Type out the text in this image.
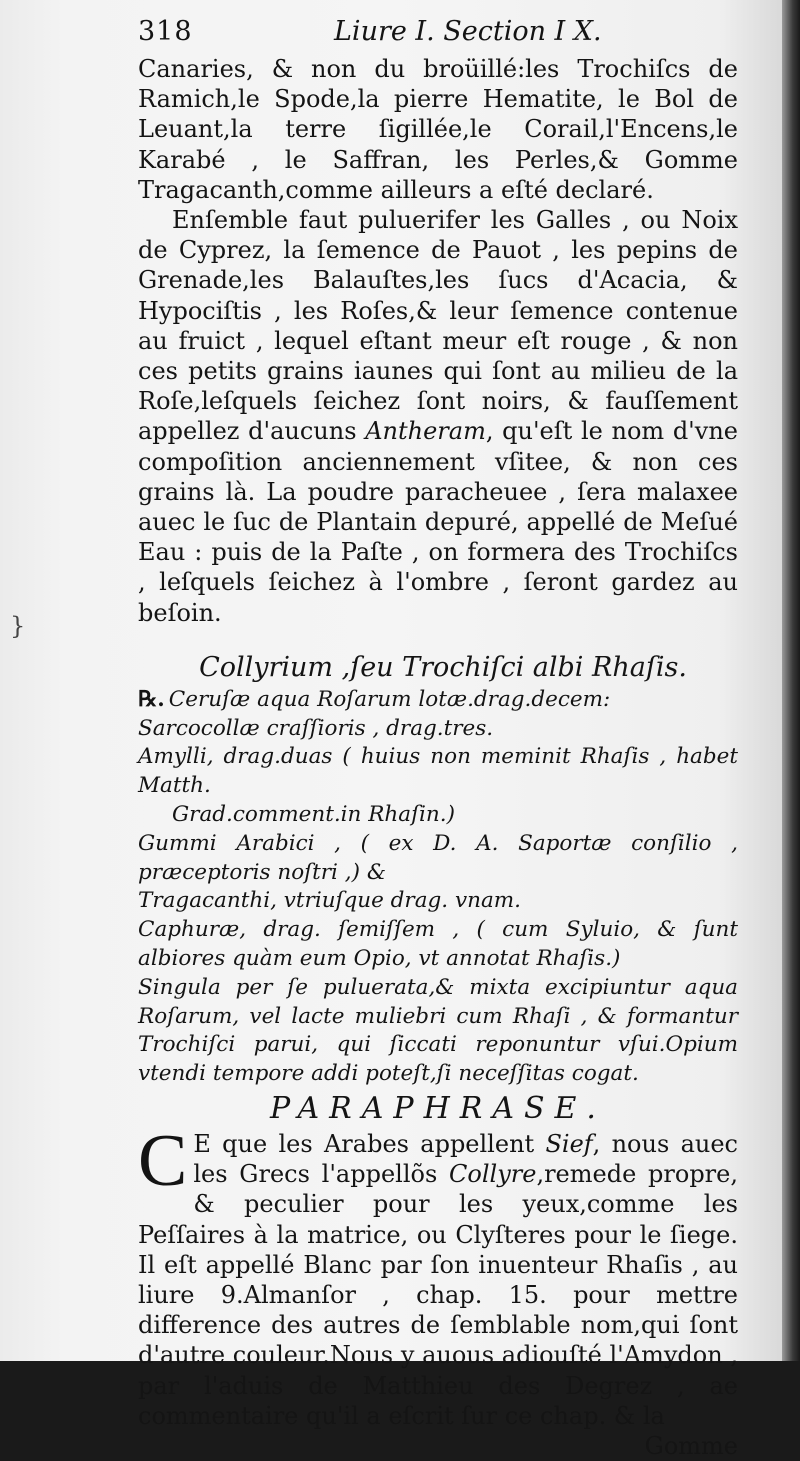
318	Liure I. Section I X.
}

Canaries, & non du broüillé:les Trochiſcs de Ramich,le Spode,la pierre Hematite, le Bol de Leuant,la terre ſigillée,le Corail,l'Encens,le Karabé , le Saffran, les Perles,& Gomme Tragacanth,comme ailleurs a eſté declaré.

Enſemble faut puluerifer les Galles , ou Noix de Cyprez, la ſemence de Pauot , les pepins de Grenade,les Balauſtes,les ſucs d'Acacia, & Hypociſtis , les Roſes,& leur ſemence contenue au fruict , lequel eſtant meur eſt rouge , & non ces petits grains iaunes qui ſont au milieu de la Roſe,leſquels ſeichez ſont noirs, & fauſſement appellez d'aucuns Antheram, qu'eſt le nom d'vne compoſition anciennement vſitee, & non ces grains là. La poudre paracheuee , ſera malaxee auec le ſuc de Plantain depuré, appellé de Meſué Eau : puis de la Paſte , on formera des Trochiſcs , leſquels ſeichez à l'ombre , ſeront gardez au beſoin.

Collyrium ,ſeu Trochiſci albi Rhaſis.

℞. Ceruſæ aqua Roſarum lotæ.drag.decem:

Sarcocollæ craſſioris , drag.tres.

Amylli, drag.duas ( huius non meminit Rhaſis , habet Matth.

Grad.comment.in Rhaſin.)

Gummi Arabici , ( ex D. A. Saportæ conſilio , præceptoris noſtri ,) &

Tragacanthi, vtriuſque drag. vnam.

Caphuræ, drag. ſemiſſem , ( cum Syluio, & ſunt albiores quàm eum Opio, vt annotat Rhaſis.)

Singula per ſe puluerata,& mixta excipiuntur aqua Roſarum, vel lacte muliebri cum Rhaſi , & formantur Trochiſci parui, qui ſiccati reponuntur vſui.Opium vtendi tempore addi poteſt,ſi neceſſitas cogat.

PARAPHRASE.

C E que les Arabes appellent Sief, nous auec les Grecs l'appellõs Collyre,remede propre, & peculier pour les yeux,comme les Peſſaires à la matrice, ou Clyſteres pour le ſiege. Il eſt appellé Blanc par ſon inuenteur Rhaſis , au liure 9.Almanſor , chap. 15. pour mettre difference des autres de ſemblable nom,qui ſont d'autre couleur.Nous y auous adiouſté l'Amydon , par l'aduis de Matthieu des Degrez , ae commentaire qu'il a eſcrit ſur ce chap. & la

Gomme
